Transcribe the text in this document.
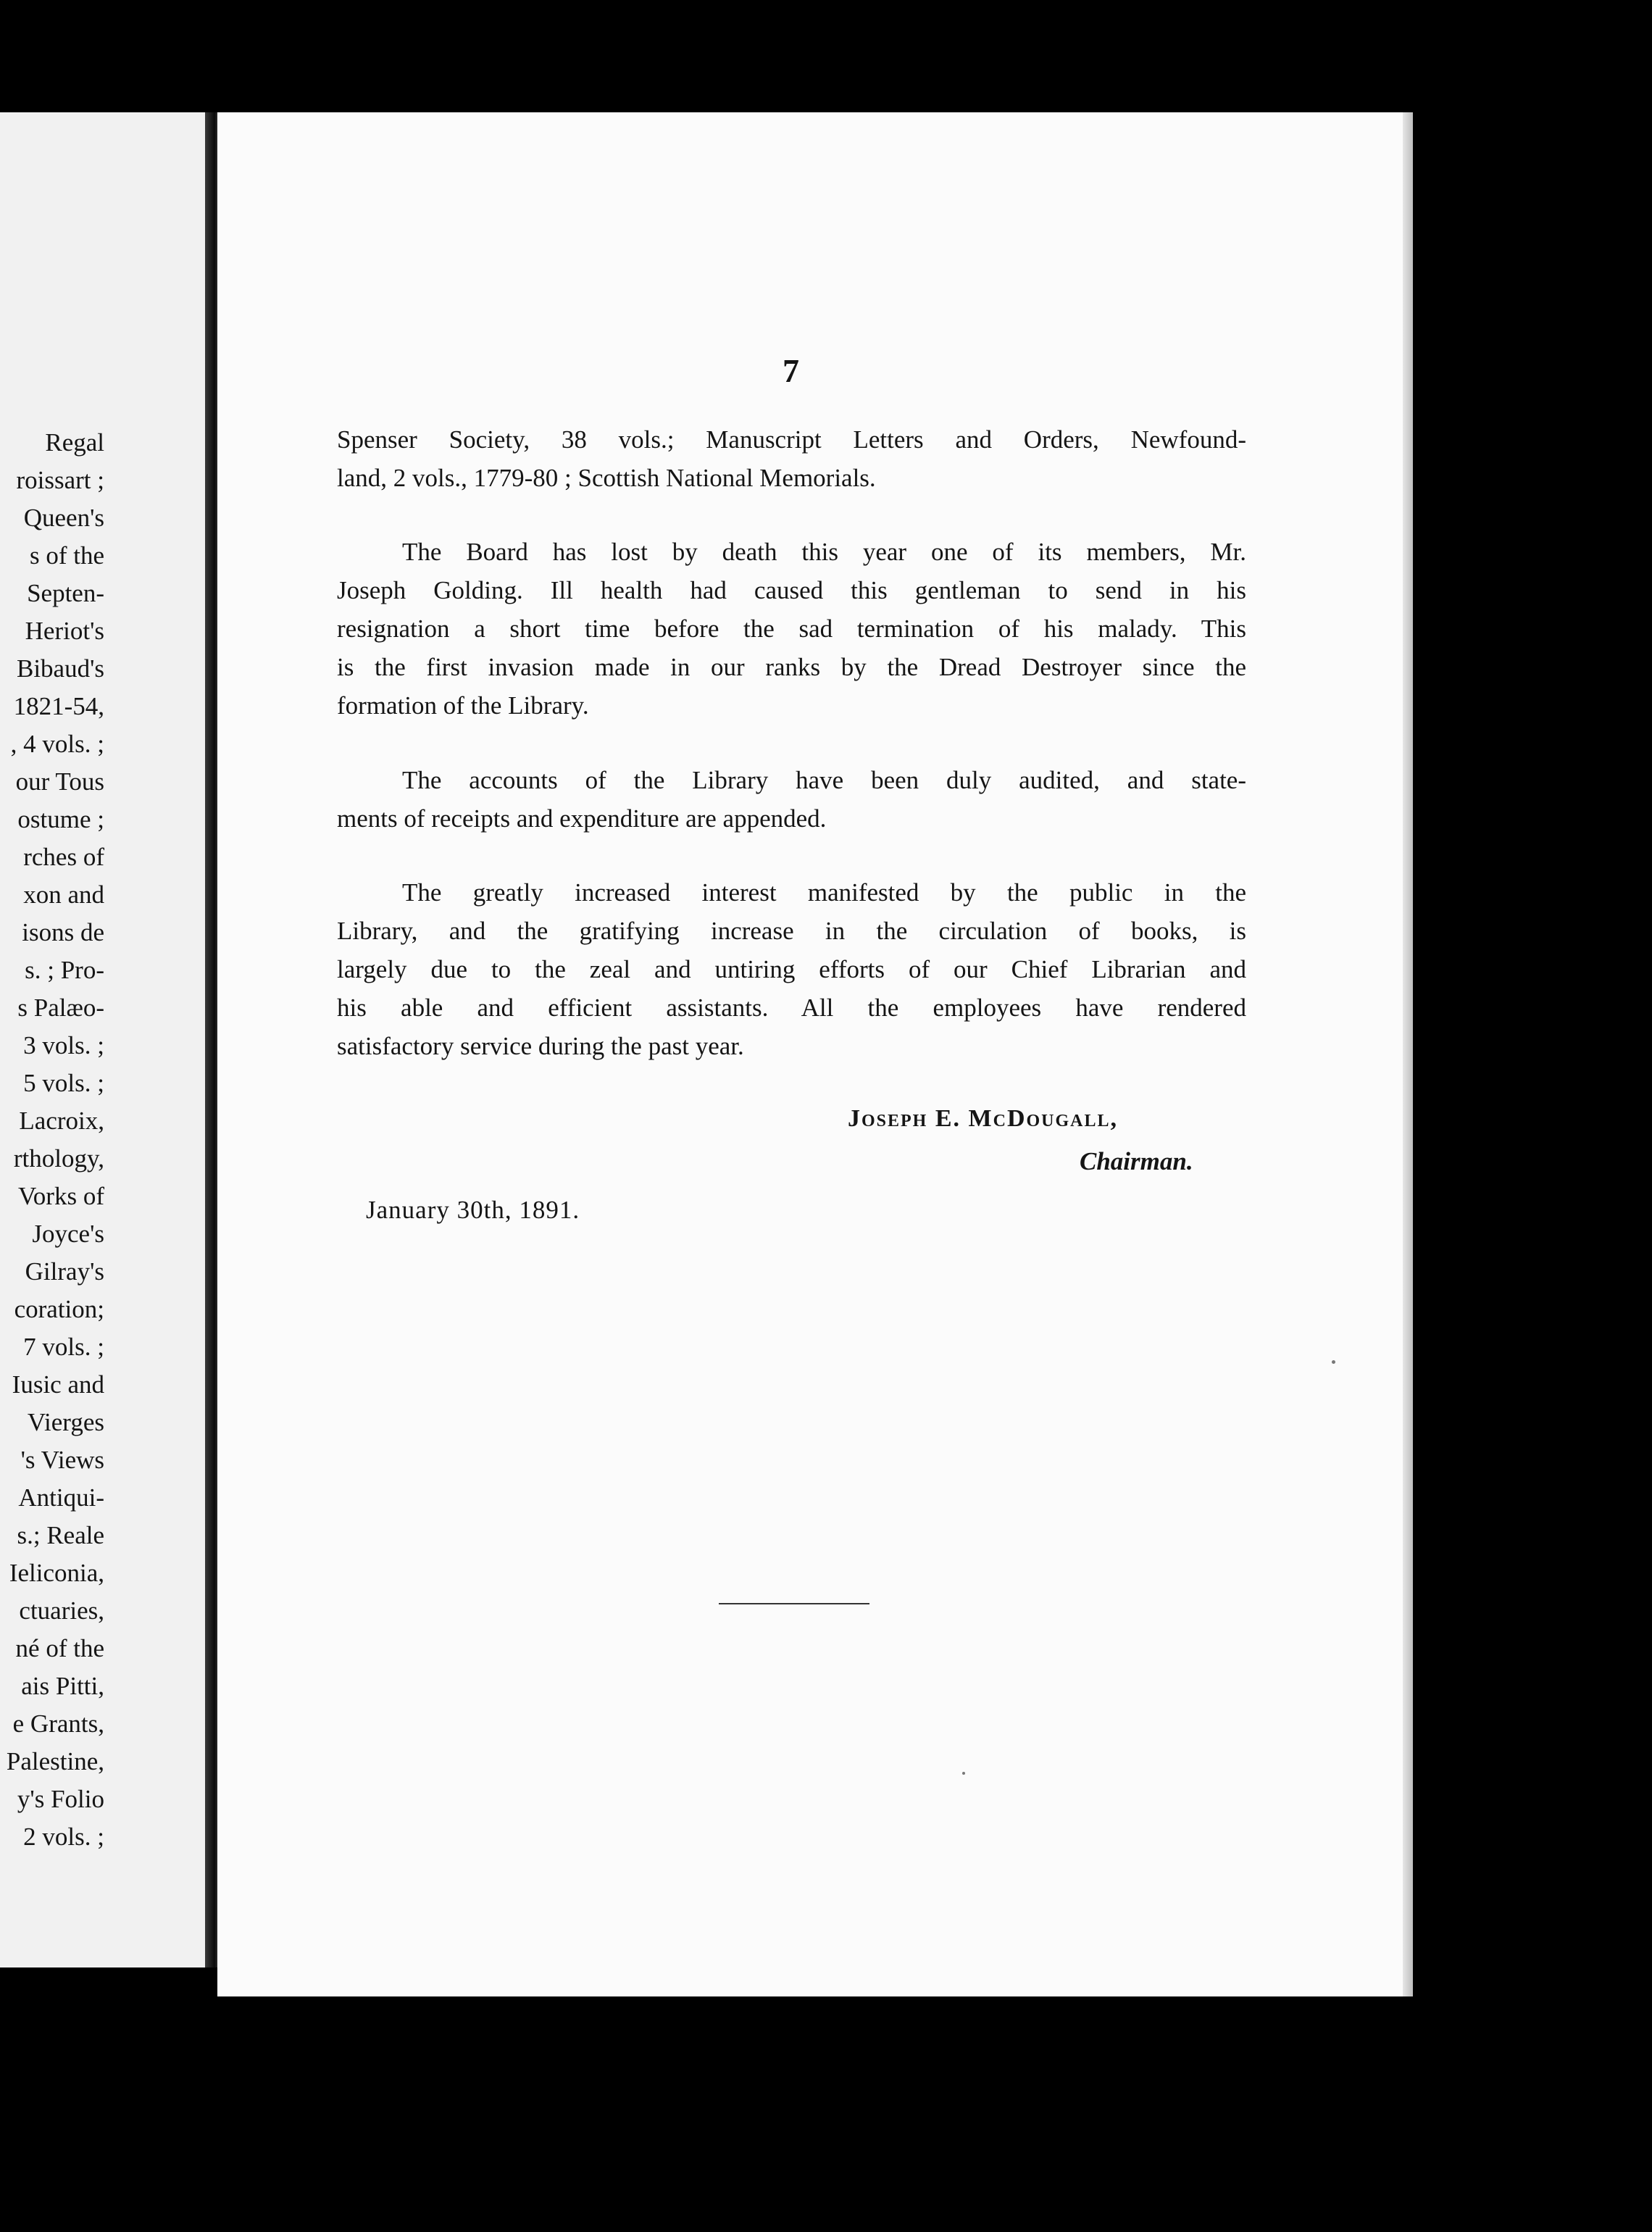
Regal
roissart ;
Queen's
s of the
Septen-
Heriot's
Bibaud's
1821-54,
, 4 vols. ;
our Tous
ostume ;
rches of
xon and
isons de
s. ; Pro-
s Palæo-
3 vols. ;
5 vols. ;
Lacroix,
rthology,
Vorks of
Joyce's
Gilray's
coration;
7 vols. ;
Iusic and
Vierges
's Views
Antiqui-
s.; Reale
Ieliconia,
ctuaries,
né of the
ais Pitti,
e Grants,
Palestine,
y's Folio
2 vols. ;
7
Spenser Society, 38 vols.; Manuscript Letters and Orders, Newfound-
land, 2 vols., 1779-80 ; Scottish National Memorials.
The Board has lost by death this year one of its members, Mr.
Joseph Golding. Ill health had caused this gentleman to send in his
resignation a short time before the sad termination of his malady. This
is the first invasion made in our ranks by the Dread Destroyer since the
formation of the Library.
The accounts of the Library have been duly audited, and state-
ments of receipts and expenditure are appended.
The greatly increased interest manifested by the public in the
Library, and the gratifying increase in the circulation of books, is
largely due to the zeal and untiring efforts of our Chief Librarian and
his able and efficient assistants. All the employees have rendered
satisfactory service during the past year.
Joseph E. McDougall,
Chairman.
January 30th, 1891.
